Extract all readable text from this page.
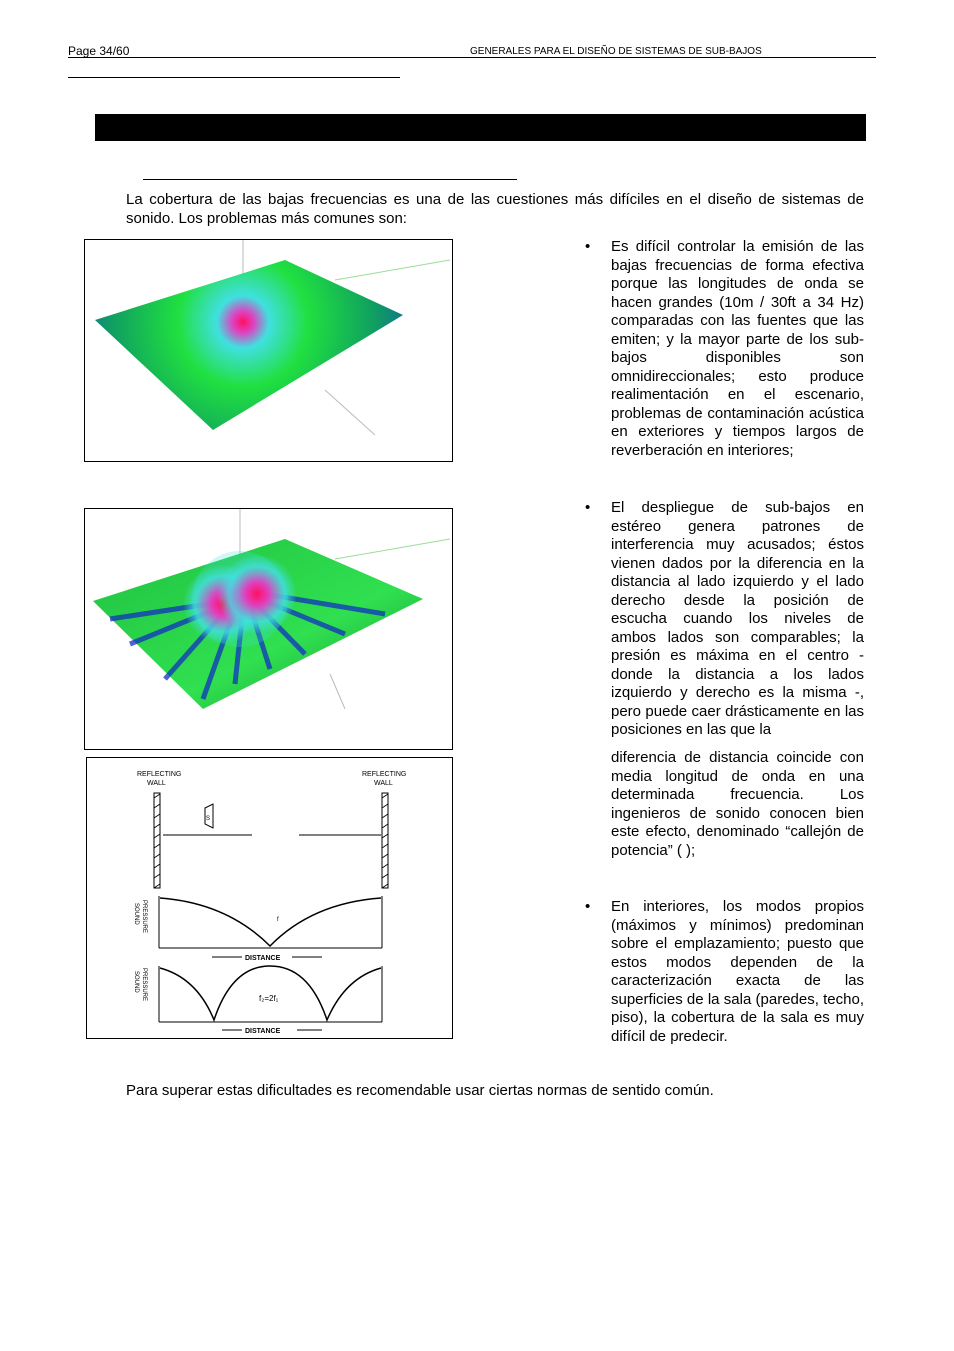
Page 34/60	GENERALES PARA EL DISEÑO DE SISTEMAS DE SUB-BAJOS
La cobertura de las bajas frecuencias es una de las cuestiones más difíciles en el diseño de sistemas de sonido. Los problemas más comunes son:
REFLECTING
WALL
REFLECTING
WALL
S
SOUND PRESSURE	f
DISTANCE
SOUND PRESSURE	f₂=2f₁
DISTANCE
• Es difícil controlar la emisión de las bajas frecuencias de forma efectiva porque las longitudes de onda se hacen grandes (10m / 30ft a 34 Hz) comparadas con las fuentes que las emiten; y la mayor parte de los sub-bajos disponibles son omnidireccionales; esto produce realimentación en el escenario, problemas de contaminación acústica en exteriores y tiempos largos de reverberación en interiores;
• El despliegue de sub-bajos en estéreo genera patrones de interferencia muy acusados; éstos vienen dados por la diferencia en la distancia al lado izquierdo y el lado derecho desde la posición de escucha cuando los niveles de ambos lados son comparables; la presión es máxima en el centro - donde la distancia a los lados izquierdo y derecho es la misma -, pero puede caer drásticamente en las posiciones en las que la
diferencia de distancia coincide con media longitud de onda en una determinada frecuencia. Los ingenieros de sonido conocen bien este efecto, denominado “callejón de potencia” ( );
• En interiores, los modos propios (máximos y mínimos) predominan sobre el emplazamiento; puesto que estos modos dependen de la caracterización exacta de las superficies de la sala (paredes, techo, piso), la cobertura de la sala es muy difícil de predecir.
Para superar estas dificultades es recomendable usar ciertas normas de sentido común.
